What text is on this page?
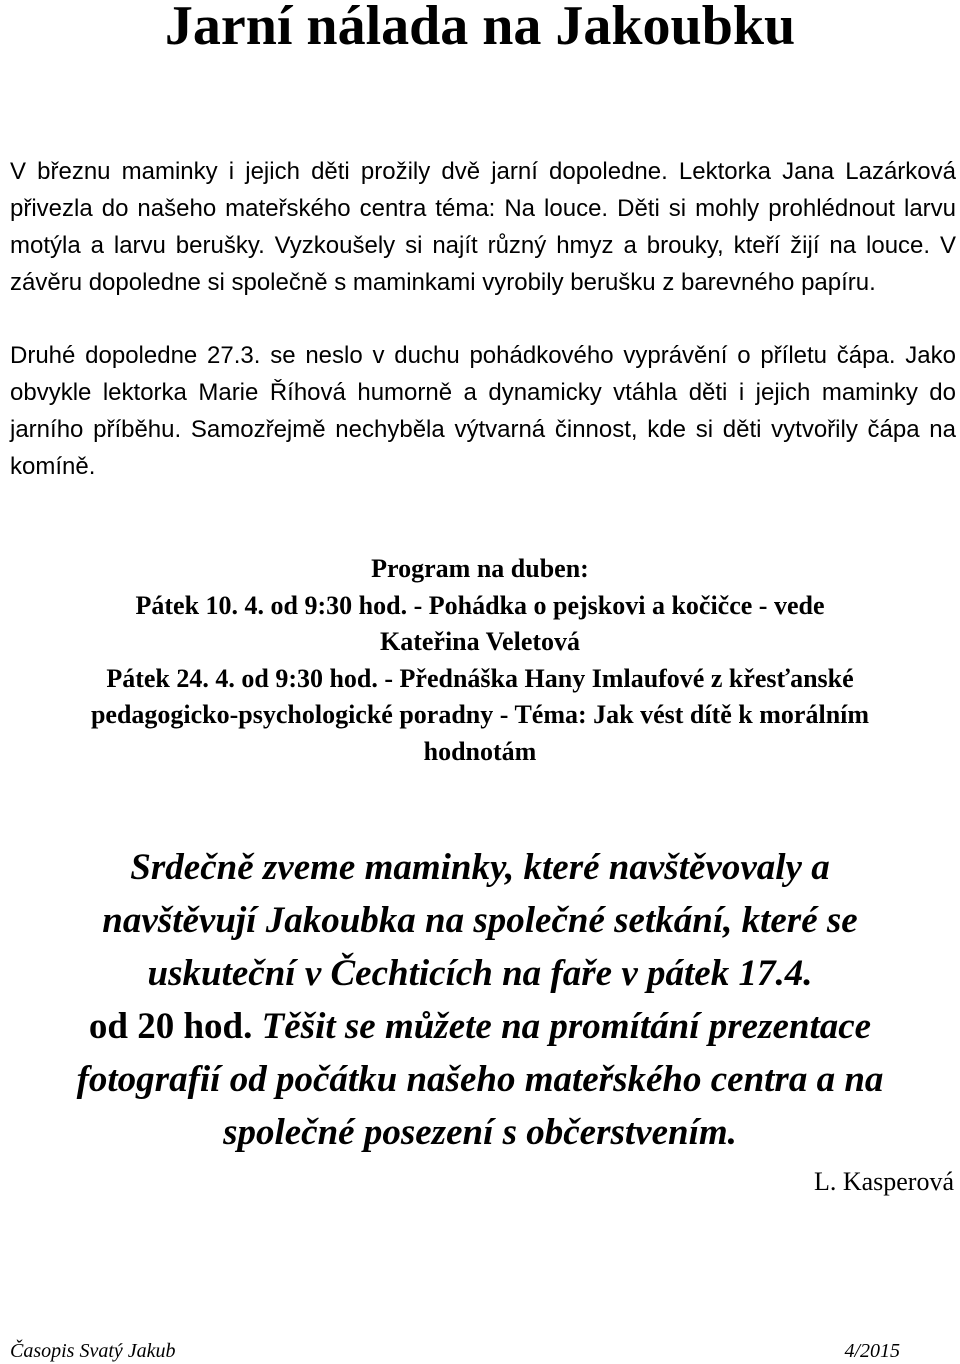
Jarní nálada na Jakoubku

V březnu maminky i jejich děti prožily dvě jarní dopoledne. Lektorka Jana Lazárková přivezla do našeho mateřského centra téma: Na louce. Děti si mohly prohlédnout larvu motýla a larvu berušky. Vyzkoušely si najít různý hmyz a brouky, kteří žijí na louce. V závěru dopoledne si společně s maminkami vyrobily berušku z barevného papíru.

Druhé dopoledne 27.3. se neslo v duchu pohádkového vyprávění o příletu čápa. Jako obvykle lektorka Marie Říhová humorně a dynamicky vtáhla děti i jejich maminky do jarního příběhu. Samozřejmě nechyběla výtvarná činnost, kde si děti vytvořily čápa na komíně.

Program na duben:
Pátek 10. 4. od 9:30 hod. - Pohádka o pejskovi a kočičce - vede
Kateřina Veletová
Pátek 24. 4. od 9:30 hod. - Přednáška Hany Imlaufové z křesťanské
pedagogicko-psychologické poradny - Téma: Jak vést dítě k morálním
hodnotám
Srdečně zveme maminky, které navštěvovaly a
navštěvují Jakoubka na společné setkání, které se
uskuteční v Čechticích na faře v pátek 17.4.
od 20 hod. Těšit se můžete na promítání prezentace
fotografií od počátku našeho mateřského centra a na
společné posezení s občerstvením.
L. Kasperová
Časopis Svatý Jakub	4/2015
